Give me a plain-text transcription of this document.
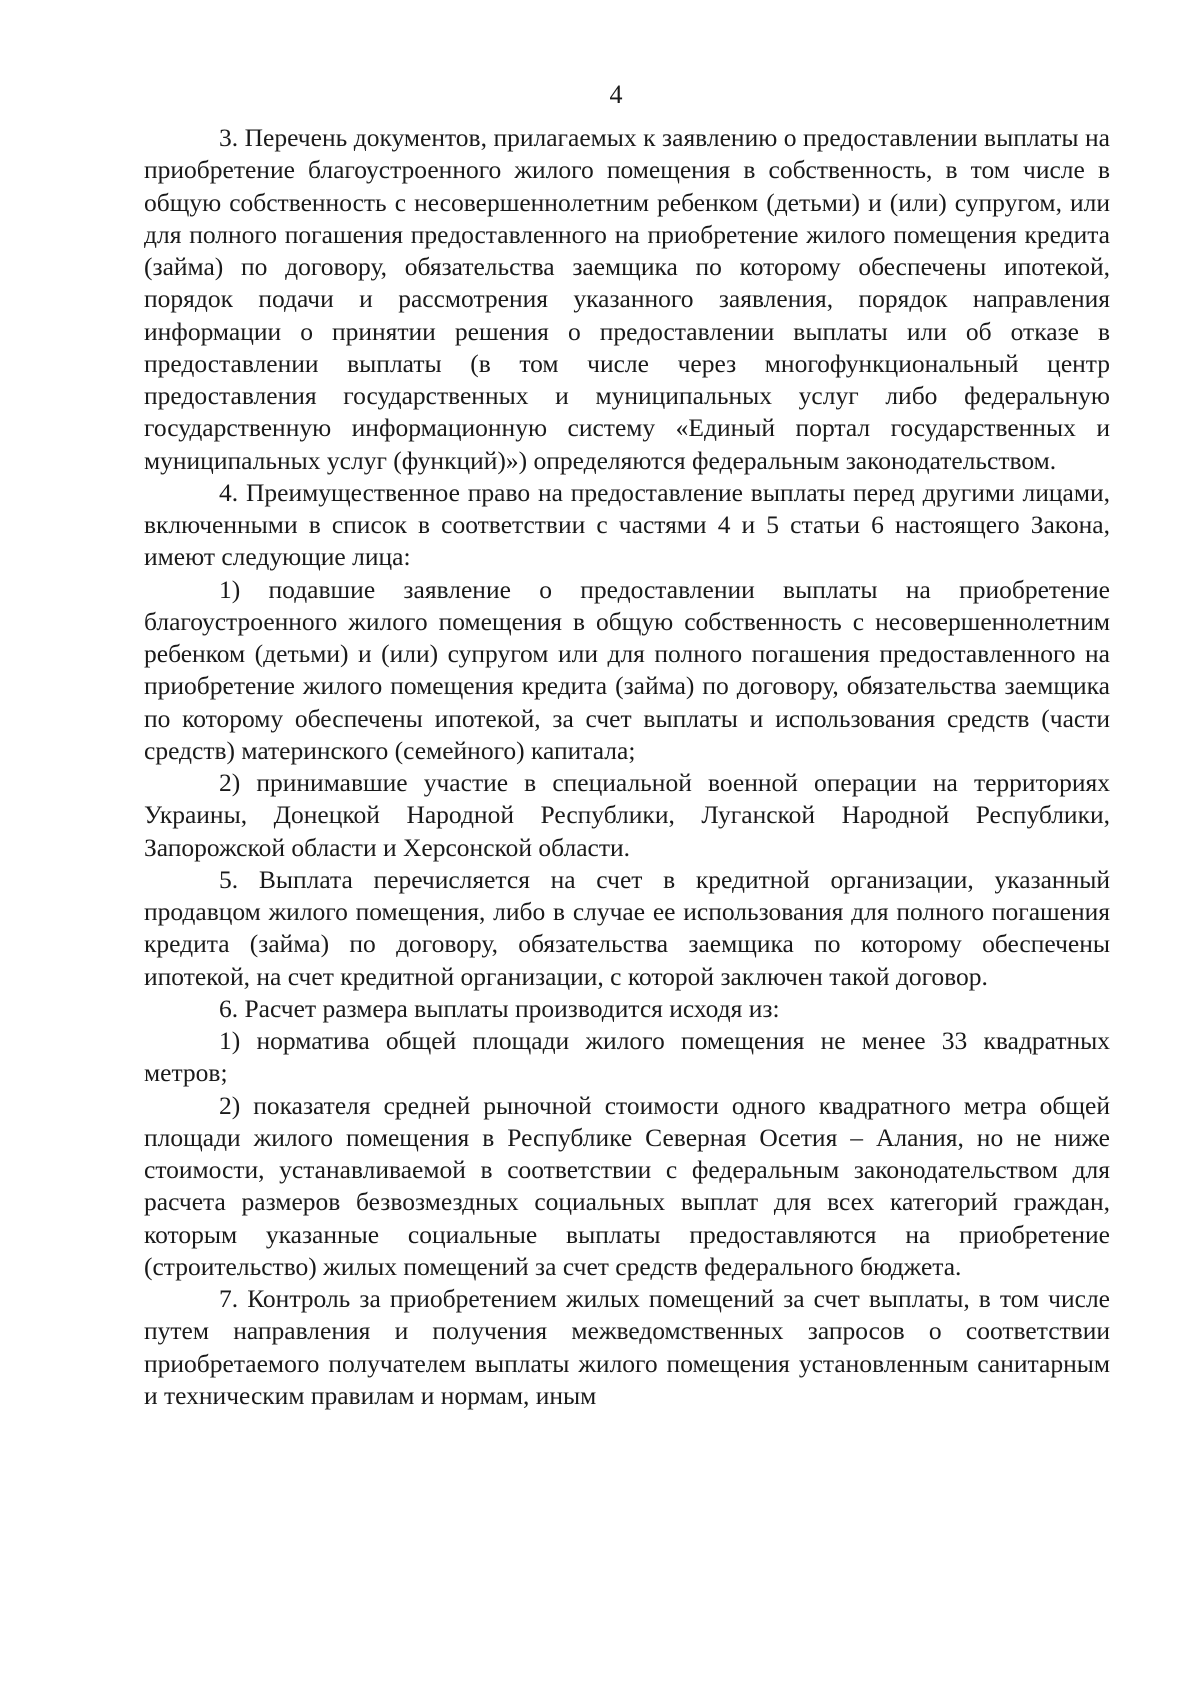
4

3. Перечень документов, прилагаемых к заявлению о предоставлении выплаты на приобретение благоустроенного жилого помещения в собственность, в том числе в общую собственность с несовершеннолетним ребенком (детьми) и (или) супругом, или для полного погашения предоставленного на приобретение жилого помещения кредита (займа) по договору, обязательства заемщика по которому обеспечены ипотекой, порядок подачи и рассмотрения указанного заявления, порядок направления информации о принятии решения о предоставлении выплаты или об отказе в предоставлении выплаты (в том числе через многофункциональный центр предоставления государственных и муниципальных услуг либо федеральную государственную информационную систему «Единый портал государственных и муниципальных услуг (функций)») определяются федеральным законодательством.

4. Преимущественное право на предоставление выплаты перед другими лицами, включенными в список в соответствии с частями 4 и 5 статьи 6 настоящего Закона, имеют следующие лица:

1) подавшие заявление о предоставлении выплаты на приобретение благоустроенного жилого помещения в общую собственность с несовершеннолетним ребенком (детьми) и (или) супругом или для полного погашения предоставленного на приобретение жилого помещения кредита (займа) по договору, обязательства заемщика по которому обеспечены ипотекой, за счет выплаты и использования средств (части средств) материнского (семейного) капитала;

2) принимавшие участие в специальной военной операции на территориях Украины, Донецкой Народной Республики, Луганской Народной Республики, Запорожской области и Херсонской области.

5. Выплата перечисляется на счет в кредитной организации, указанный продавцом жилого помещения, либо в случае ее использования для полного погашения кредита (займа) по договору, обязательства заемщика по которому обеспечены ипотекой, на счет кредитной организации, с которой заключен такой договор.

6. Расчет размера выплаты производится исходя из:

1) норматива общей площади жилого помещения не менее 33 квадратных метров;

2) показателя средней рыночной стоимости одного квадратного метра общей площади жилого помещения в Республике Северная Осетия – Алания, но не ниже стоимости, устанавливаемой в соответствии с федеральным законодательством для расчета размеров безвозмездных социальных выплат для всех категорий граждан, которым указанные социальные выплаты предоставляются на приобретение (строительство) жилых помещений за счет средств федерального бюджета.

7. Контроль за приобретением жилых помещений за счет выплаты, в том числе путем направления и получения межведомственных запросов о соответствии приобретаемого получателем выплаты жилого помещения установленным санитарным и техническим правилам и нормам, иным
